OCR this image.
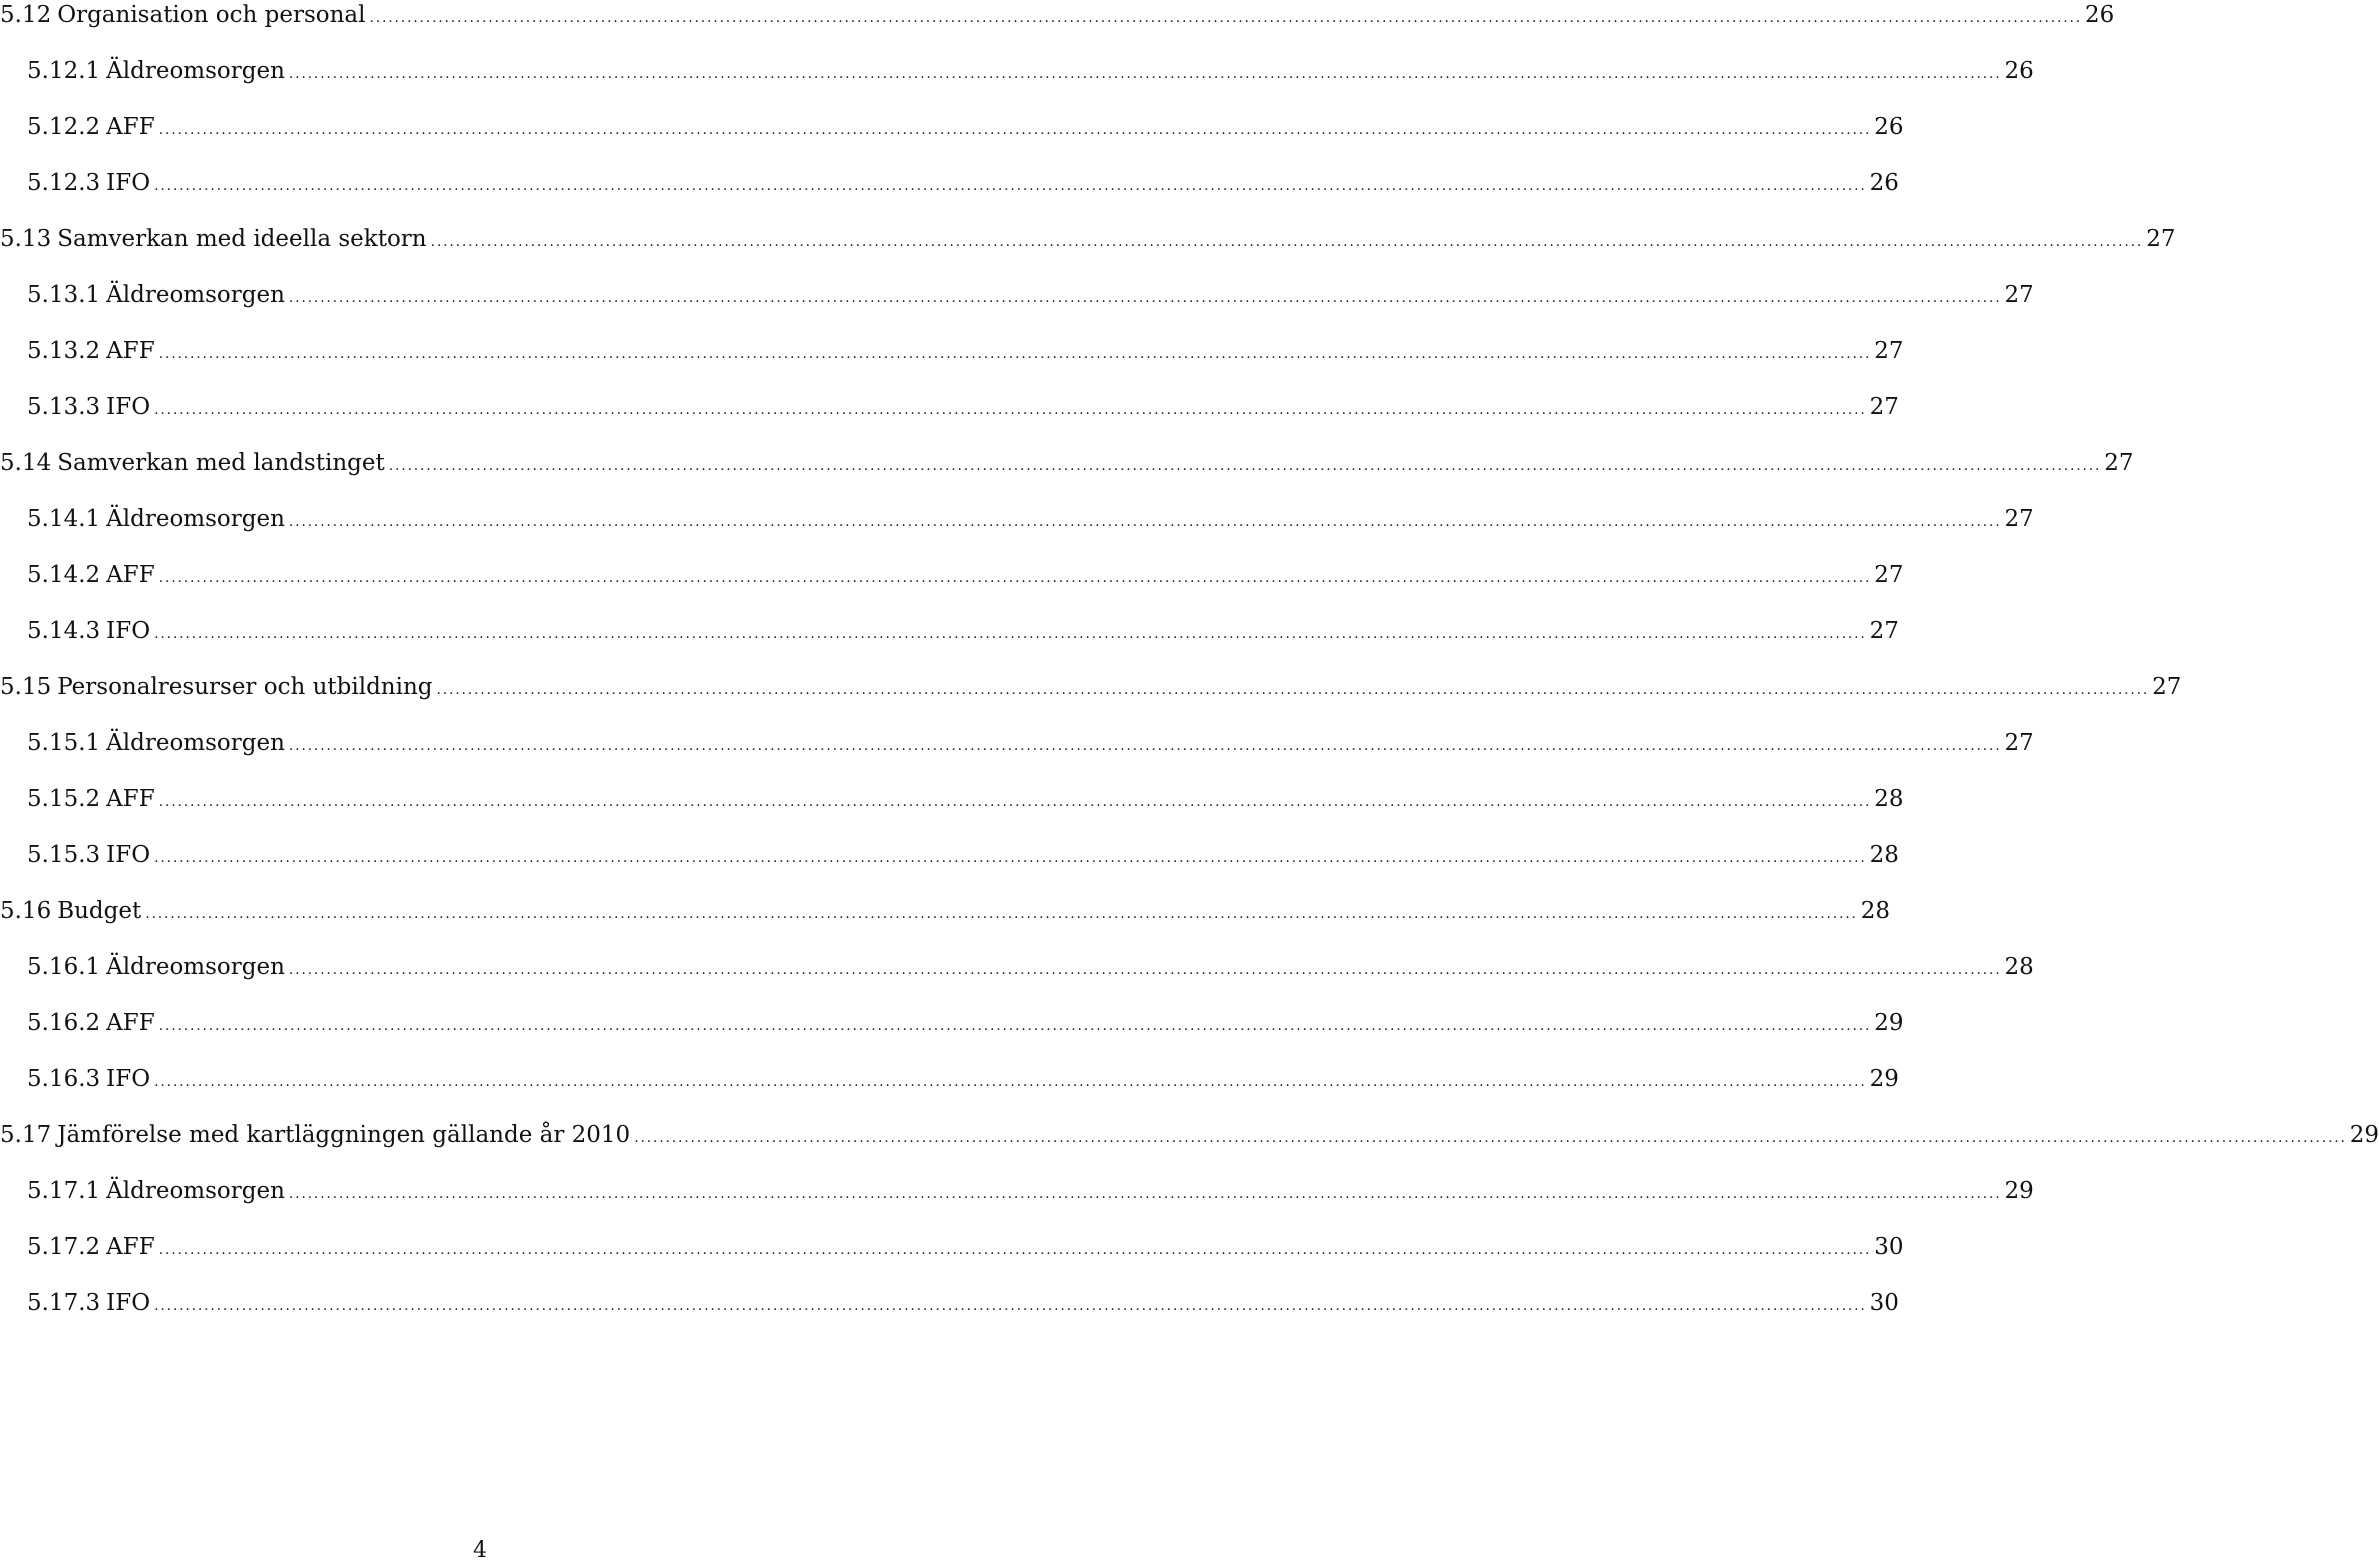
5.12 Organisation och personal .....	26
5.12.1 Äldreomsorgen .....	26
5.12.2 AFF .....	26
5.12.3 IFO .....	26
5.13 Samverkan med ideella sektorn .....	27
5.13.1 Äldreomsorgen .....	27
5.13.2 AFF .....	27
5.13.3 IFO .....	27
5.14 Samverkan med landstinget .....	27
5.14.1 Äldreomsorgen .....	27
5.14.2 AFF .....	27
5.14.3 IFO .....	27
5.15 Personalresurser och utbildning .....	27
5.15.1 Äldreomsorgen .....	27
5.15.2 AFF .....	28
5.15.3 IFO .....	28
5.16 Budget .....	28
5.16.1 Äldreomsorgen .....	28
5.16.2 AFF .....	29
5.16.3 IFO .....	29
5.17 Jämförelse med kartläggningen gällande år 2010 .....	29
5.17.1 Äldreomsorgen .....	29
5.17.2 AFF .....	30
5.17.3 IFO .....	30
4
